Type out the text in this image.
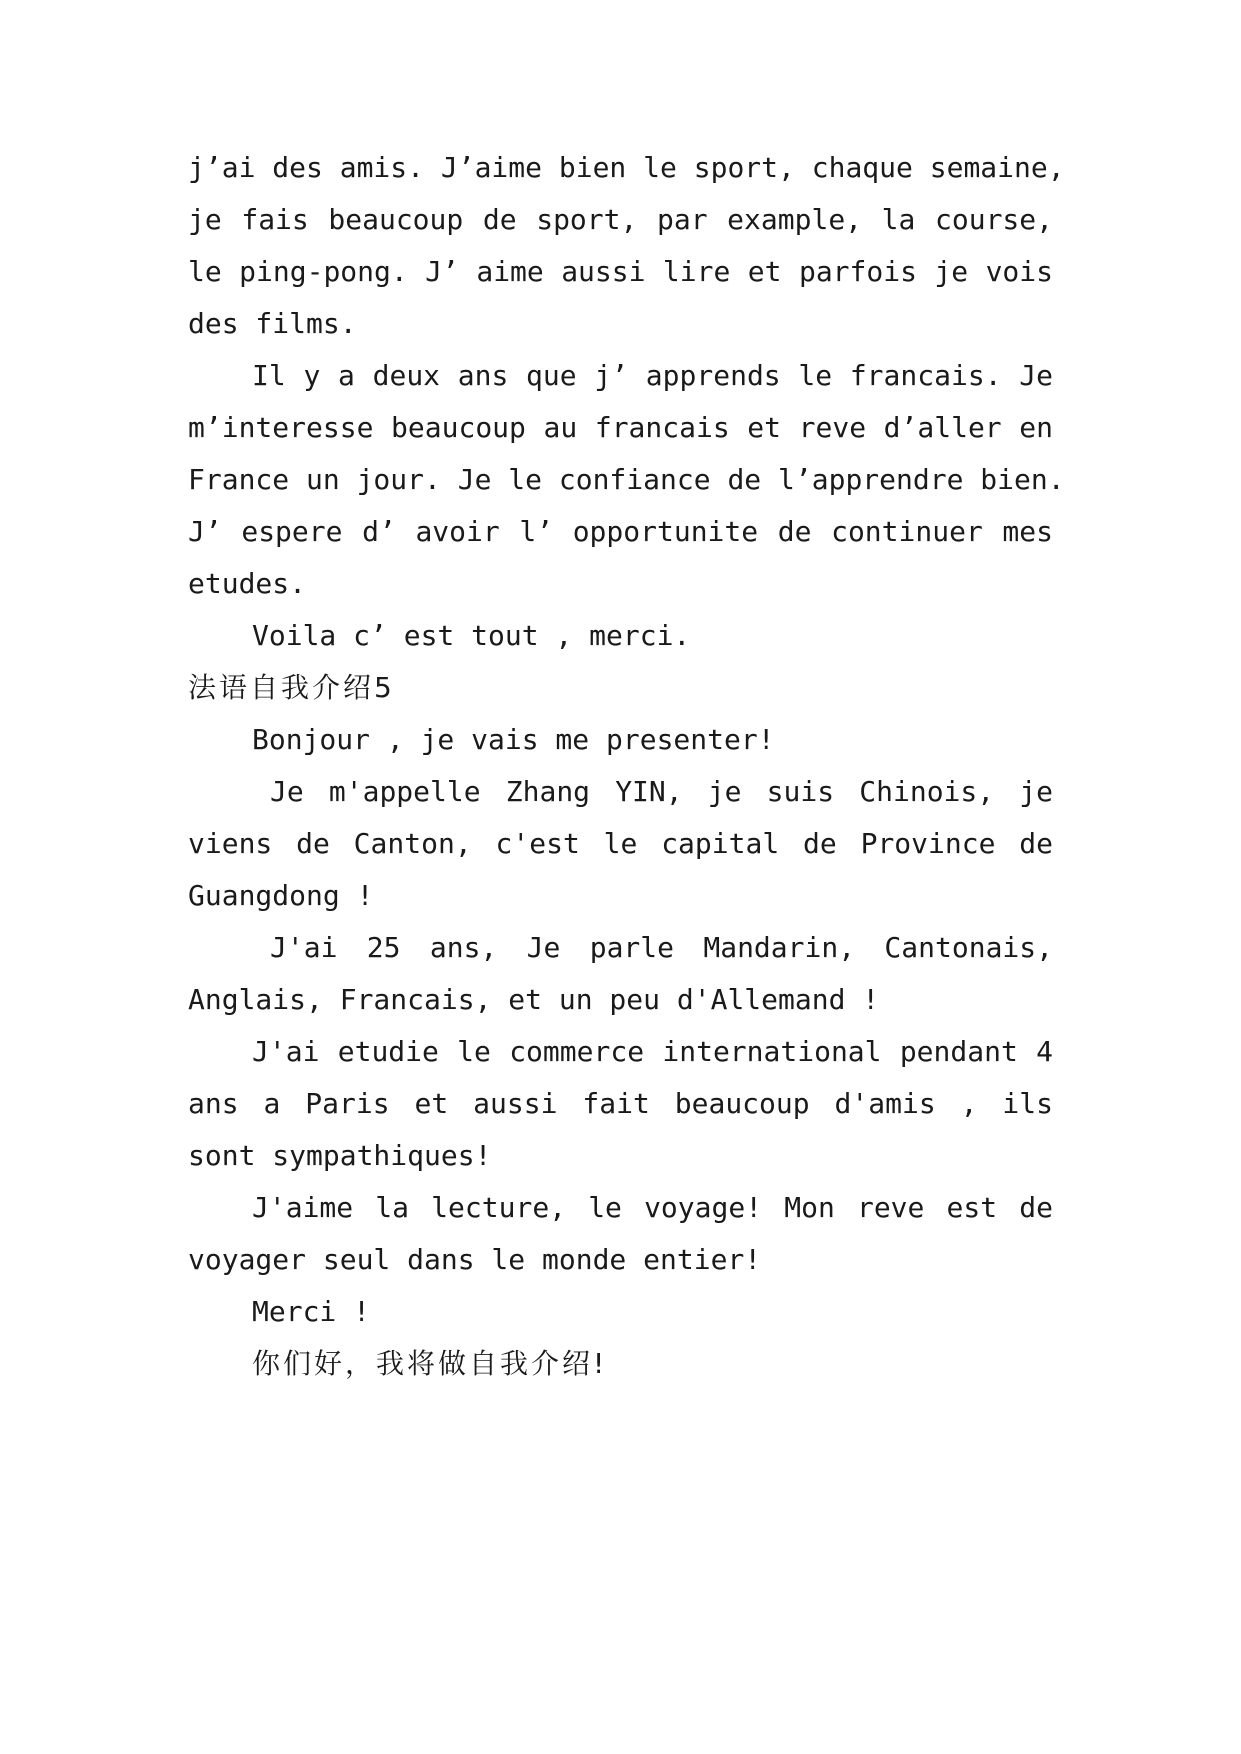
j’ai des amis. J’aime bien le sport, chaque semaine,

je fais beaucoup de sport, par example, la course,

le ping-pong. J’ aime aussi lire et parfois je vois

des films.

Il y a deux ans que j’ apprends le francais. Je

m’interesse beaucoup au francais et reve d’aller en

France un jour. Je le confiance de l’apprendre bien.

J’ espere d’ avoir l’ opportunite de continuer mes

etudes.

Voila c’ est tout , merci.

法语自我介绍5

Bonjour , je vais me presenter!

Je m'appelle Zhang YIN, je suis Chinois, je

viens de Canton, c'est le capital de Province de

Guangdong !

J'ai 25 ans, Je parle Mandarin, Cantonais,

Anglais, Francais, et un peu d'Allemand !

J'ai etudie le commerce international pendant 4

ans a Paris et aussi fait beaucoup d'amis , ils

sont sympathiques!

J'aime la lecture, le voyage! Mon reve est de

voyager seul dans le monde entier!

Merci !

你们好，我将做自我介绍!
